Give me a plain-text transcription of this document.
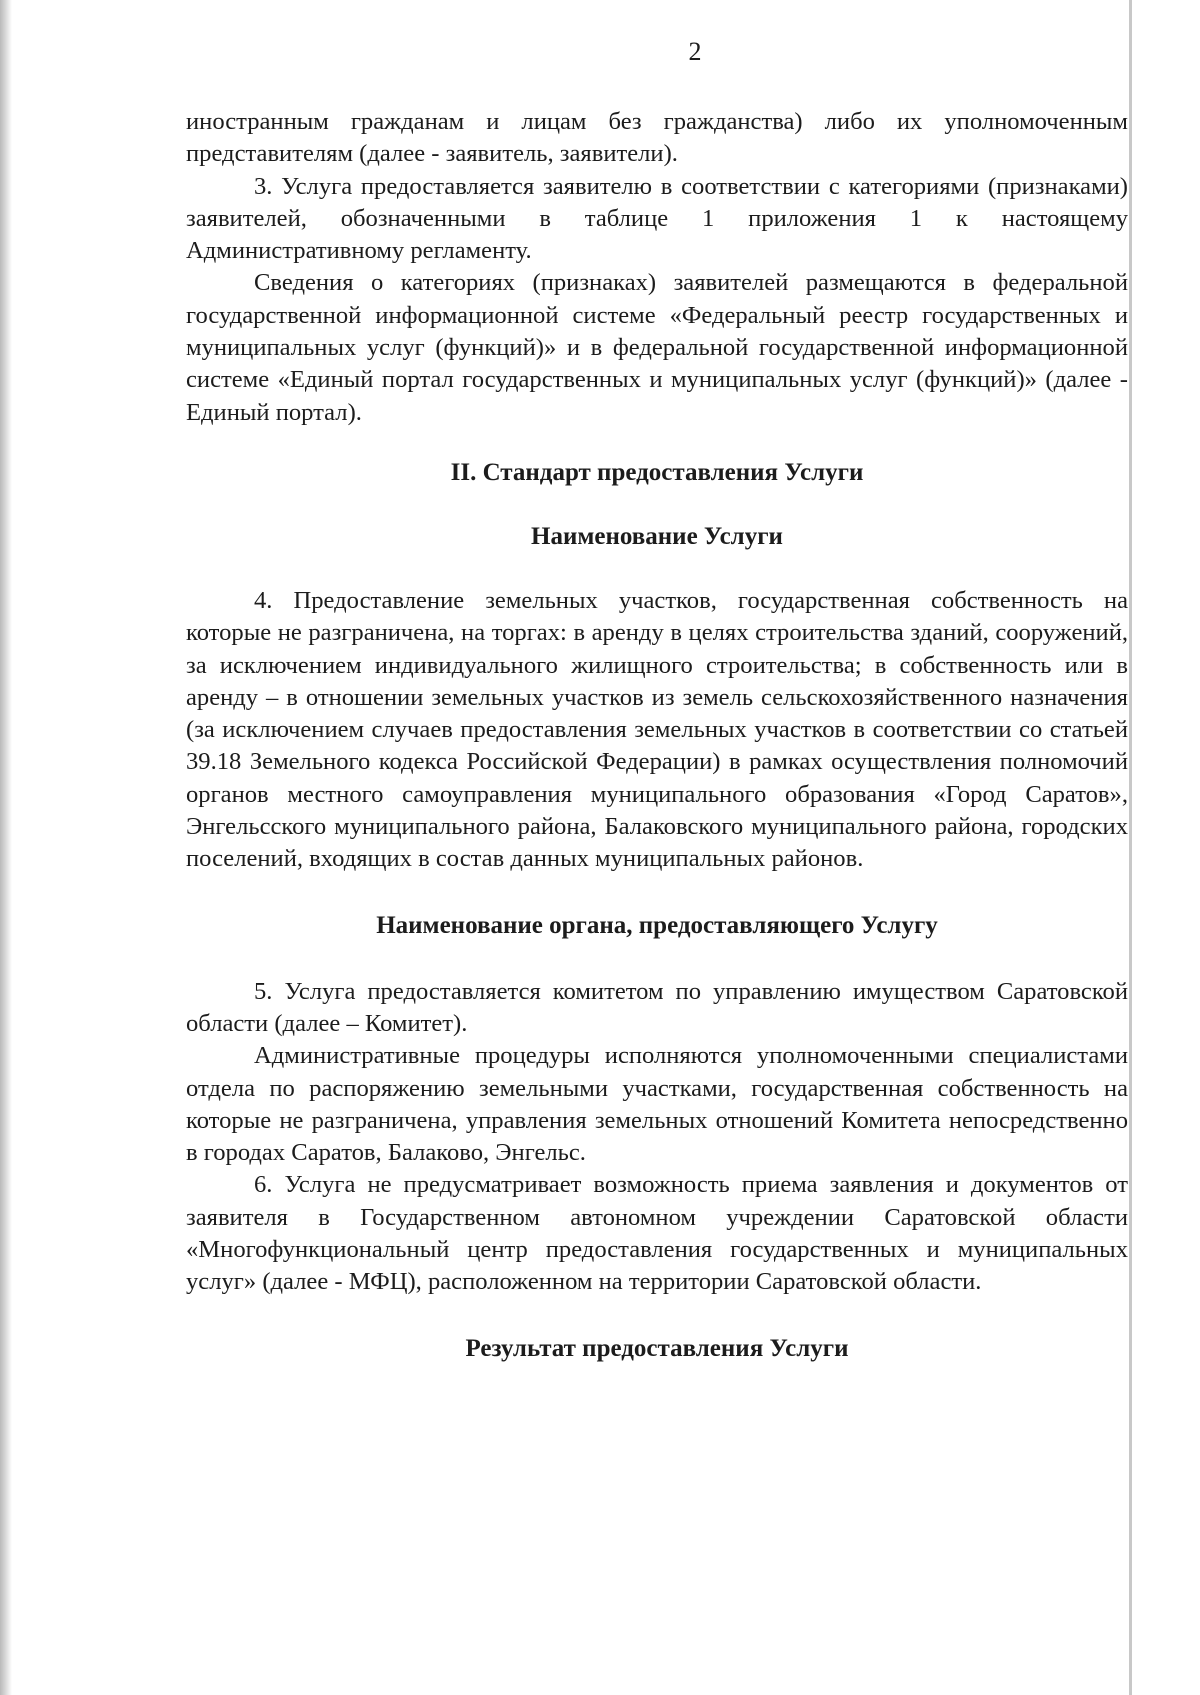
2

иностранным гражданам и лицам без гражданства) либо их уполномоченным представителям (далее - заявитель, заявители).

3. Услуга предоставляется заявителю в соответствии с категориями (признаками) заявителей, обозначенными в таблице 1 приложения 1 к настоящему Административному регламенту.

Сведения о категориях (признаках) заявителей размещаются в федеральной государственной информационной системе «Федеральный реестр государственных и муниципальных услуг (функций)» и в федеральной государственной информационной системе «Единый портал государственных и муниципальных услуг (функций)» (далее - Единый портал).

II. Стандарт предоставления Услуги
Наименование Услуги

4. Предоставление земельных участков, государственная собственность на которые не разграничена, на торгах: в аренду в целях строительства зданий, сооружений, за исключением индивидуального жилищного строительства; в собственность или в аренду – в отношении земельных участков из земель сельскохозяйственного назначения (за исключением случаев предоставления земельных участков в соответствии со статьей 39.18 Земельного кодекса Российской Федерации) в рамках осуществления полномочий органов местного самоуправления муниципального образования «Город Саратов», Энгельсского муниципального района, Балаковского муниципального района, городских поселений, входящих в состав данных муниципальных районов.

Наименование органа, предоставляющего Услугу

5. Услуга предоставляется комитетом по управлению имуществом Саратовской области (далее – Комитет).

Административные процедуры исполняются уполномоченными специалистами отдела по распоряжению земельными участками, государственная собственность на которые не разграничена, управления земельных отношений Комитета непосредственно в городах Саратов, Балаково, Энгельс.

6. Услуга не предусматривает возможность приема заявления и документов от заявителя в Государственном автономном учреждении Саратовской области «Многофункциональный центр предоставления государственных и муниципальных услуг» (далее - МФЦ), расположенном на территории Саратовской области.

Результат предоставления Услуги
